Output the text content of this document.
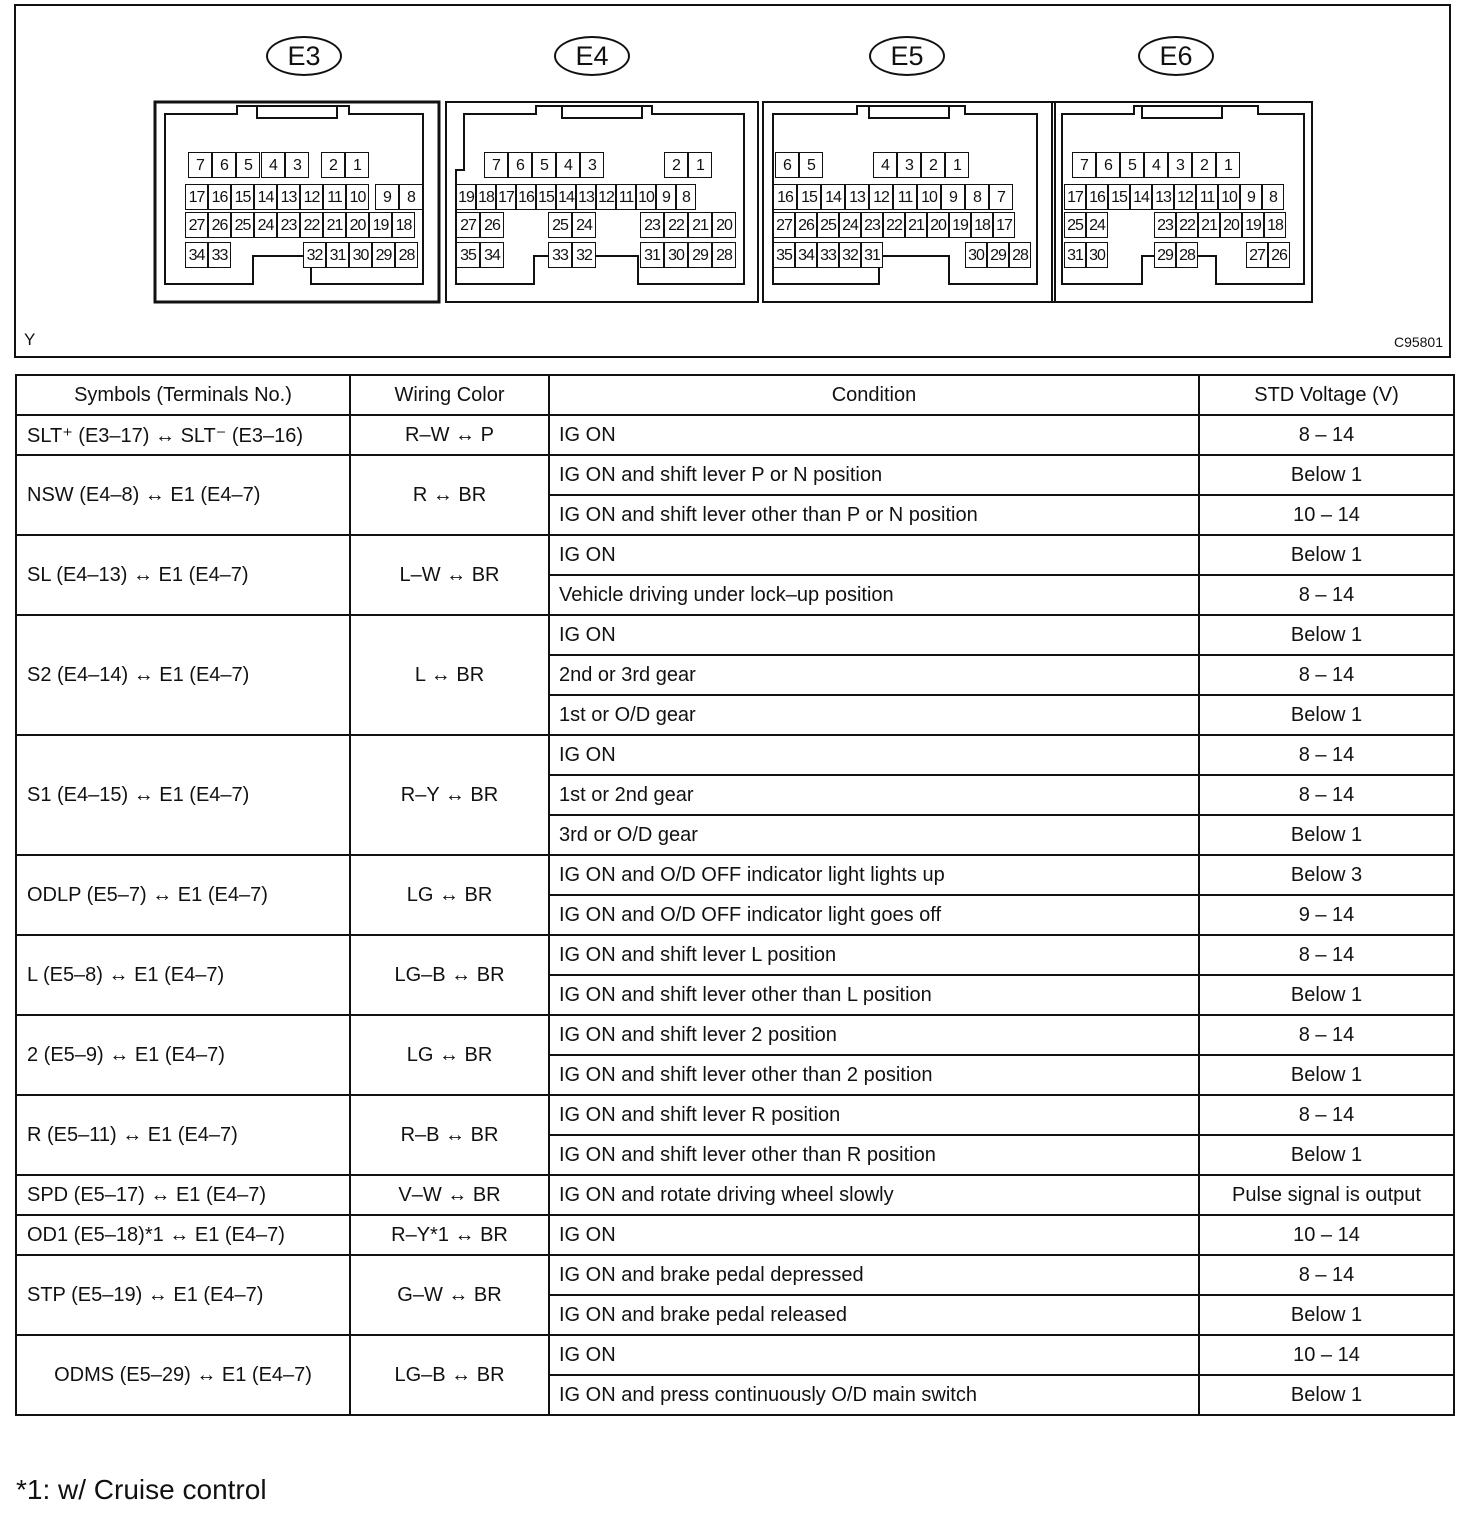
E3	E4	E5	E6
7	6	5	4	3	2	1
17 16 15 14 13 12 11 10	9	8
27 26 25 24 23 22 21 20 19 18
34 33	32 31 30 29 28
7	6	5	4	3	2	1
19 18 17 16 15 14 13 12 11 10 9 8
27 26	25 24	23 22 21 20
35 34	33 32	31 30 29 28
6	5	4	3	2	1
16 15 14 13 12 11 10 9	8	7
27 26 25 24 23 22 21 20 19 18 17
35 34 33 32 31	30 29 28
7	6	5	4	3	2	1
17 16 15 14 13 12 11 10 9 8
25 24	23 22 21 20 19 18
31 30	29 28	27 26
Y	C95801
Symbols (Terminals No.)	Wiring Color	Condition	STD Voltage (V)
SLT⁺ (E3–17) ↔ SLT⁻ (E3–16)	R–W ↔ P	IG ON	8 – 14
NSW (E4–8) ↔ E1 (E4–7)	R ↔ BR	IG ON and shift lever P or N position	Below 1
		IG ON and shift lever other than P or N position	10 – 14
SL (E4–13) ↔ E1 (E4–7)	L–W ↔ BR	IG ON	Below 1
		Vehicle driving under lock–up position	8 – 14
S2 (E4–14) ↔ E1 (E4–7)	L ↔ BR	IG ON	Below 1
		2nd or 3rd gear	8 – 14
		1st or O/D gear	Below 1
S1 (E4–15) ↔ E1 (E4–7)	R–Y ↔ BR	IG ON	8 – 14
		1st or 2nd gear	8 – 14
		3rd or O/D gear	Below 1
ODLP (E5–7) ↔ E1 (E4–7)	LG ↔ BR	IG ON and O/D OFF indicator light lights up	Below 3
		IG ON and O/D OFF indicator light goes off	9 – 14
L (E5–8) ↔ E1 (E4–7)	LG–B ↔ BR	IG ON and shift lever L position	8 – 14
		IG ON and shift lever other than L position	Below 1
2 (E5–9) ↔ E1 (E4–7)	LG ↔ BR	IG ON and shift lever 2 position	8 – 14
		IG ON and shift lever other than 2 position	Below 1
R (E5–11) ↔ E1 (E4–7)	R–B ↔ BR	IG ON and shift lever R position	8 – 14
		IG ON and shift lever other than R position	Below 1
SPD (E5–17) ↔ E1 (E4–7)	V–W ↔ BR	IG ON and rotate driving wheel slowly	Pulse signal is output
OD1 (E5–18)*1 ↔ E1 (E4–7)	R–Y*1 ↔ BR	IG ON	10 – 14
STP (E5–19) ↔ E1 (E4–7)	G–W ↔ BR	IG ON and brake pedal depressed	8 – 14
		IG ON and brake pedal released	Below 1
ODMS (E5–29) ↔ E1 (E4–7)	LG–B ↔ BR	IG ON	10 – 14
		IG ON and press continuously O/D main switch	Below 1
*1: w/ Cruise control
